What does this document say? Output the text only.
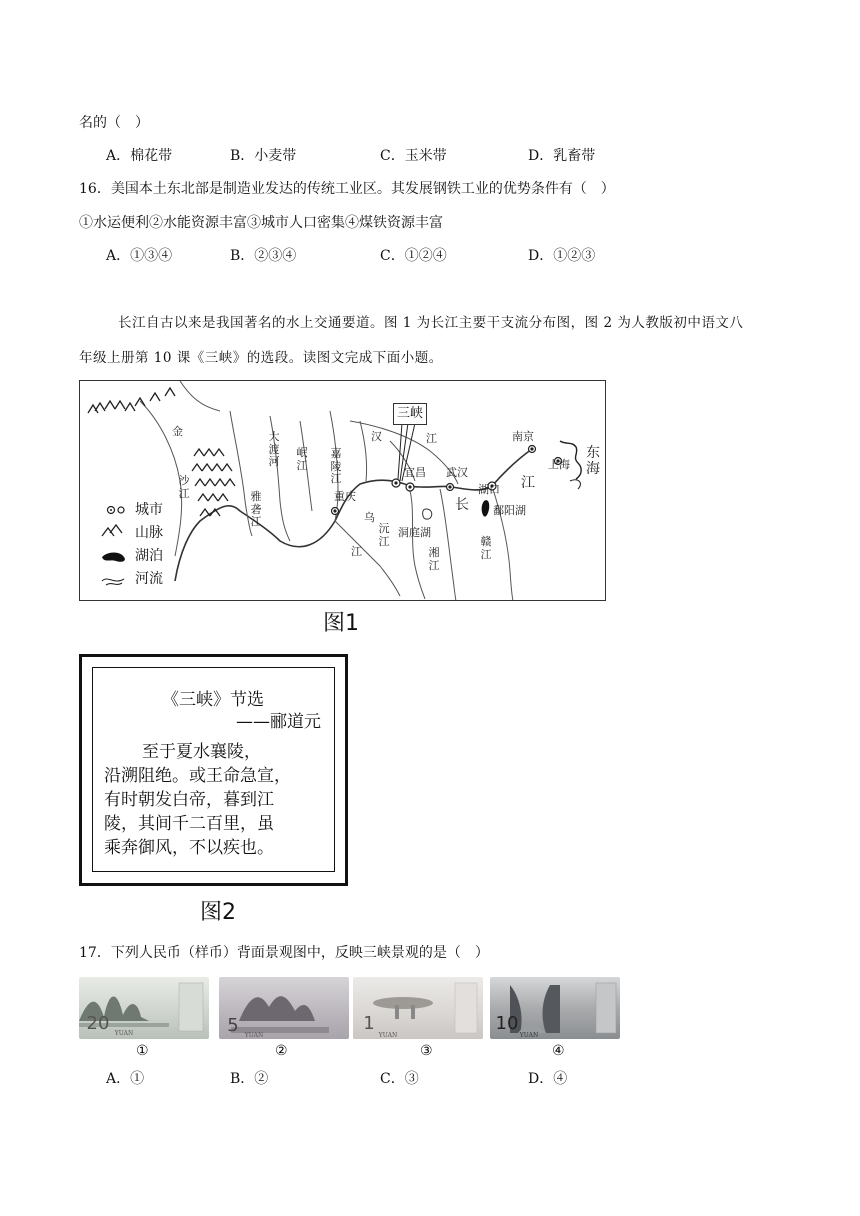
名的（　）
A．棉花带	B．小麦带	C．玉米带	D．乳畜带
16．美国本土东北部是制造业发达的传统工业区。其发展钢铁工业的优势条件有（　）
①水运便利②水能资源丰富③城市人口密集④煤铁资源丰富
A．①③④	B．②③④	C．①②④	D．①②③
长江自古以来是我国著名的水上交通要道。图 1 为长江主要干支流分布图，图 2 为人教版初中语文八
年级上册第 10 课《三峡》的选段。读图文完成下面小题。
城市
山脉
湖泊
河流
金
沙江
大渡河
雅砻江
岷江
嘉陵江
汉	江
重庆
宜昌 武汉
南京
上海
东海
湖口
鄱阳湖
洞庭湖
长
江
乌
江
沅江
湘江
赣江
三峡
图1
《三峡》节选
——郦道元
　　至于夏水襄陵，
沿溯阻绝。或王命急宣，
有时朝发白帝，暮到江
陵，其间千二百里，虽
乘奔御风，不以疾也。
图2
17．下列人民币（样币）背面景观图中，反映三峡景观的是（　）
20 YUAN	5	YUAN
1
YUAN
10
YUAN
①	②	③	④
A．①	B．②	C．③	D．④
